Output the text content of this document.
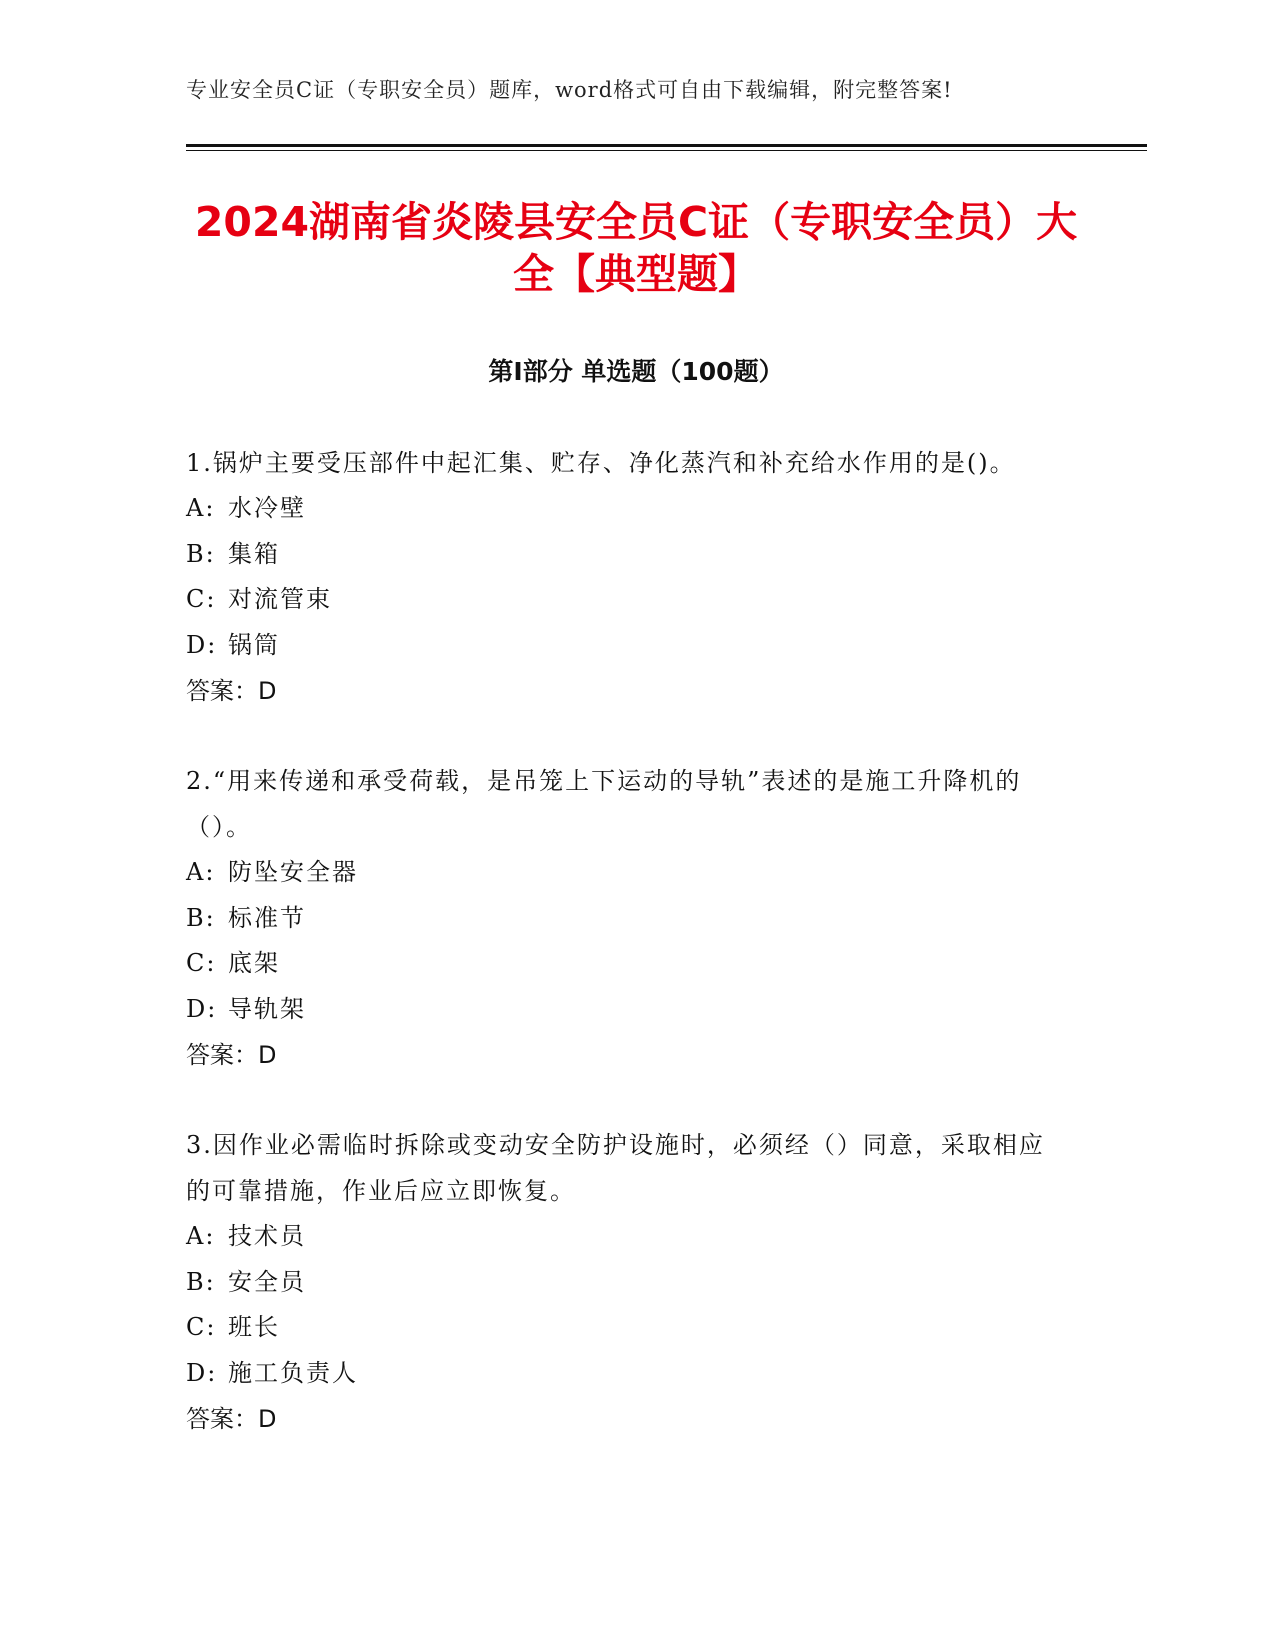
专业安全员C证（专职安全员）题库，word格式可自由下载编辑，附完整答案!
2024湖南省炎陵县安全员C证（专职安全员）大全【典型题】
第I部分 单选题（100题）

1.锅炉主要受压部件中起汇集、贮存、净化蒸汽和补充给水作用的是()。

A: 水冷壁
B: 集箱
C: 对流管束
D: 锅筒
答案：D

2.“用来传递和承受荷载，是吊笼上下运动的导轨”表述的是施工升降机的（）。

A: 防坠安全器
B: 标准节
C: 底架
D: 导轨架
答案：D

3.因作业必需临时拆除或变动安全防护设施时，必须经（）同意，采取相应的可靠措施，作业后应立即恢复。

A: 技术员
B: 安全员
C: 班长
D: 施工负责人
答案：D
